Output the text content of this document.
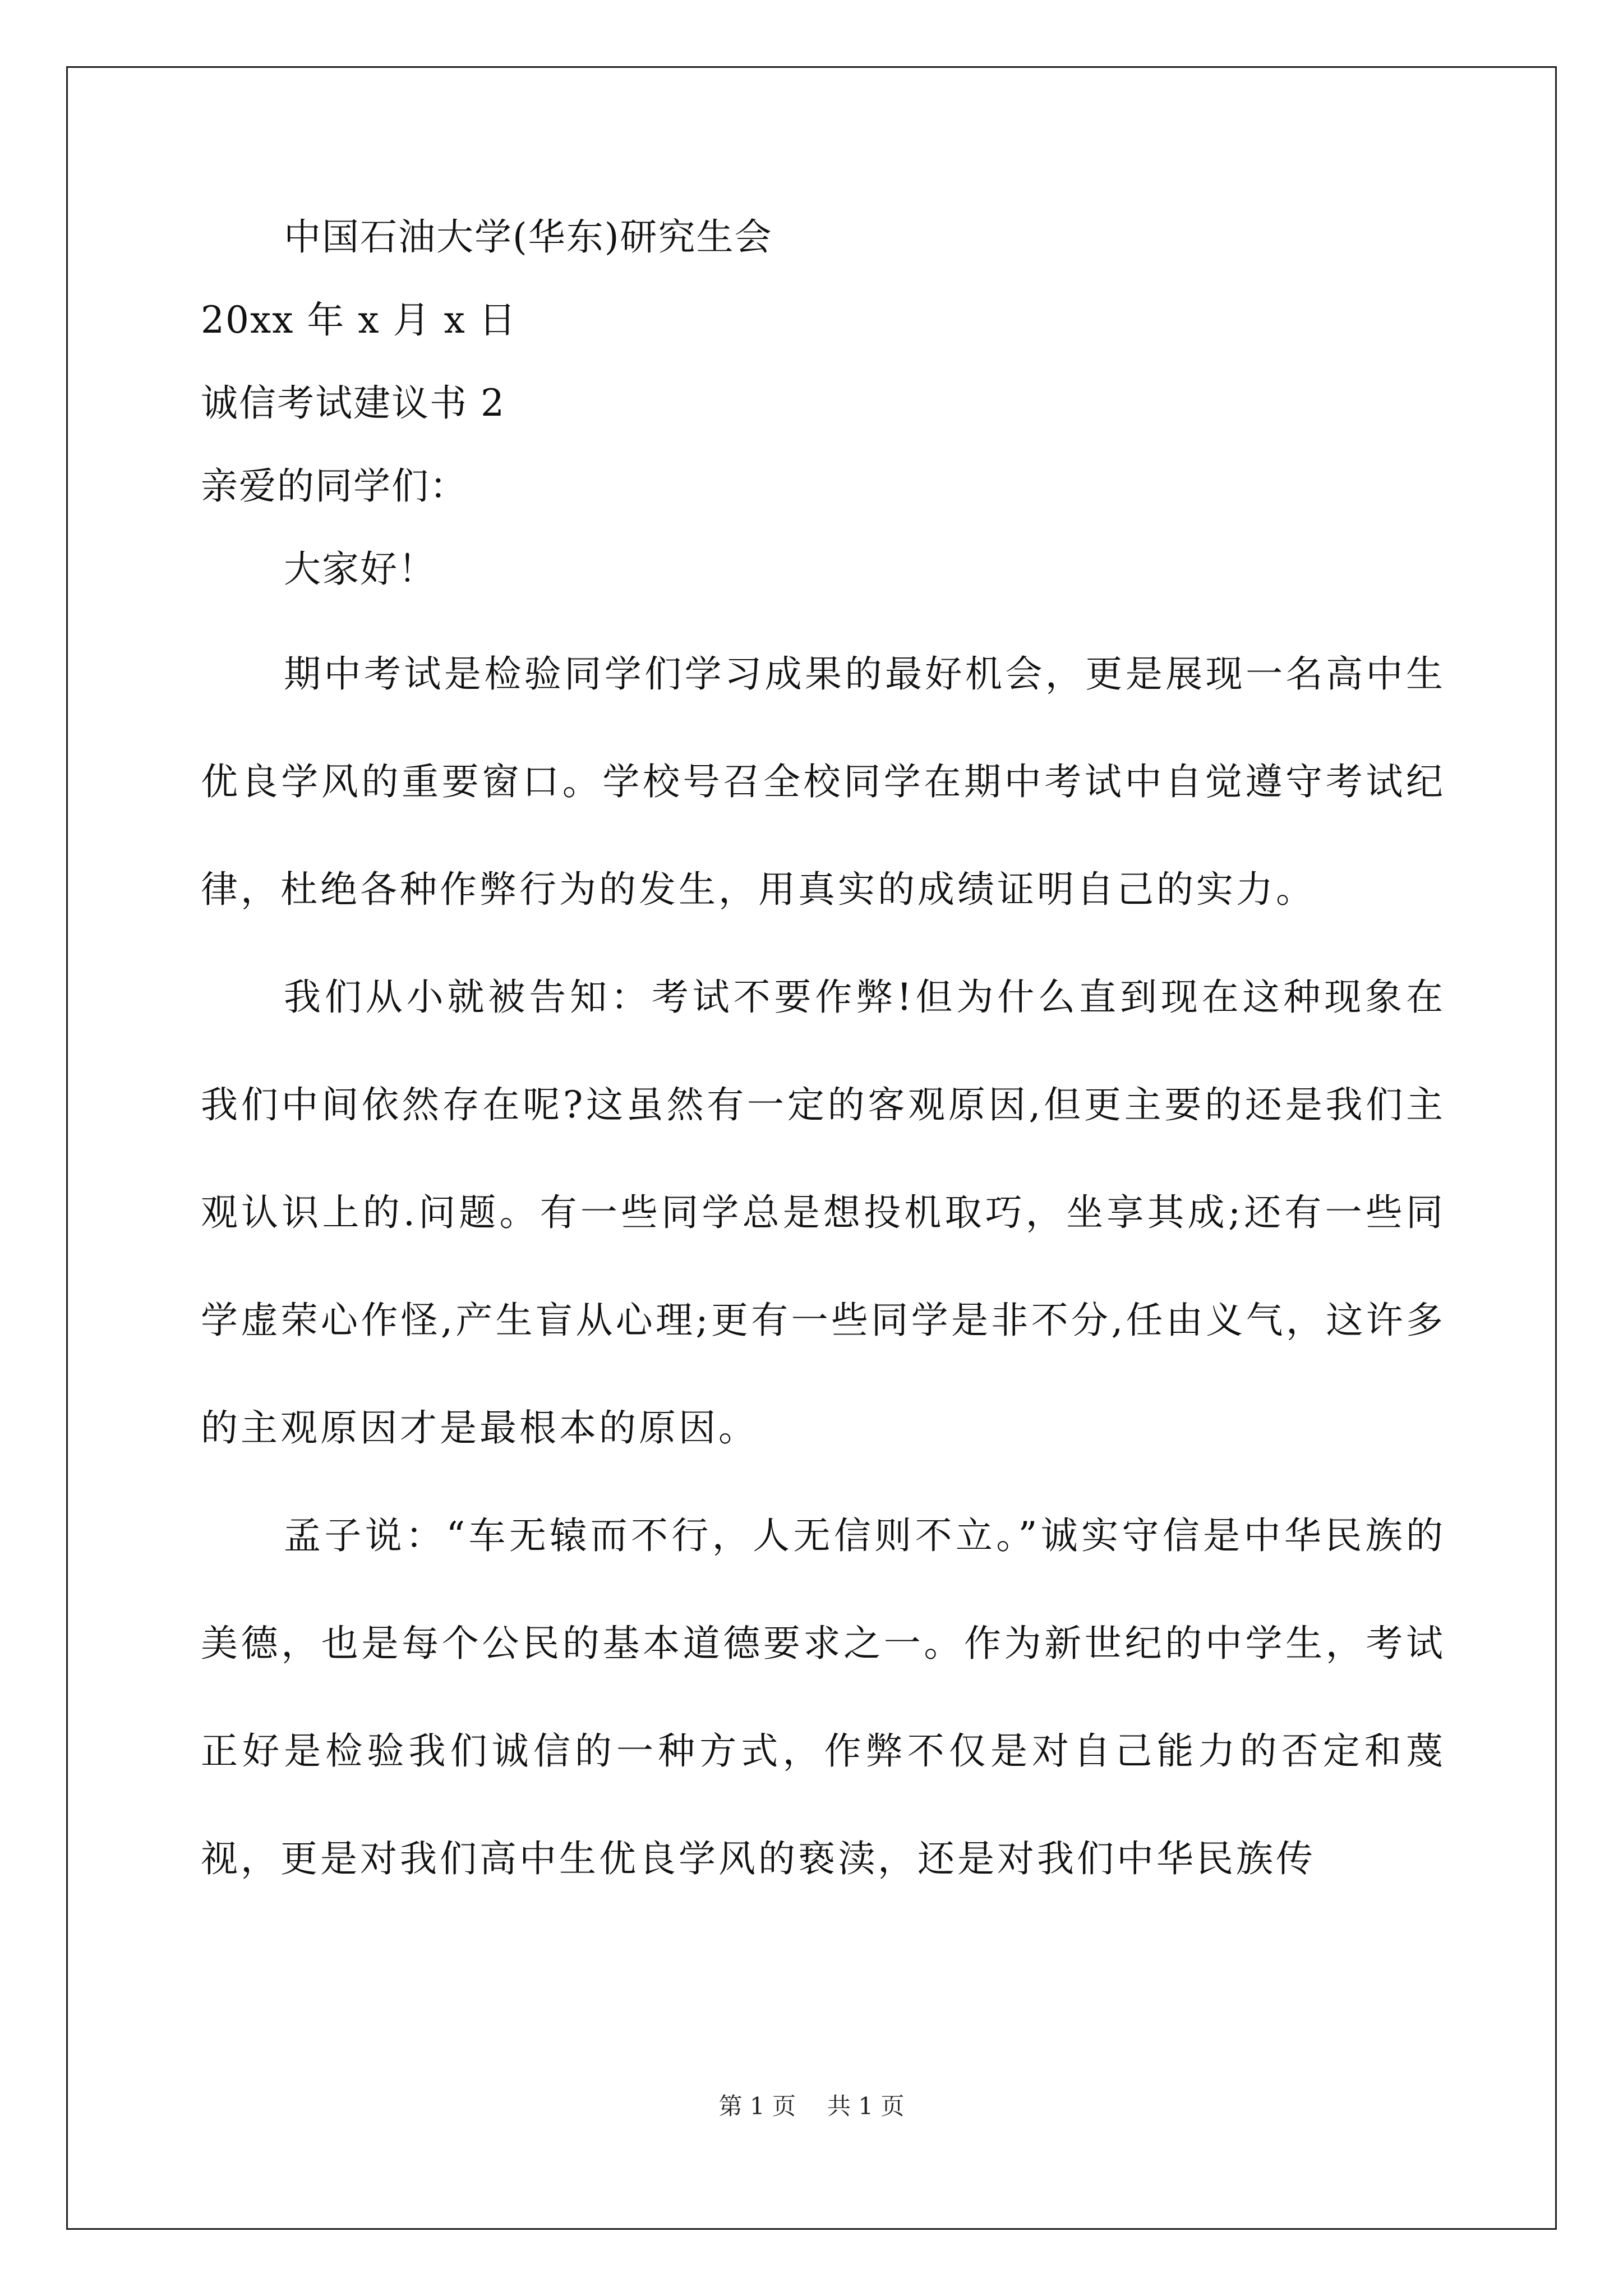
中国石油大学(华东)研究生会
20xx 年 x 月 x 日
诚信考试建议书 2
亲爱的同学们：
大家好！

期中考试是检验同学们学习成果的最好机会，更是展现一名高中生优良学风的重要窗口。学校号召全校同学在期中考试中自觉遵守考试纪律，杜绝各种作弊行为的发生，用真实的成绩证明自己的实力。

我们从小就被告知：考试不要作弊!但为什么直到现在这种现象在我们中间依然存在呢?这虽然有一定的客观原因,但更主要的还是我们主观认识上的.问题。有一些同学总是想投机取巧，坐享其成;还有一些同学虚荣心作怪,产生盲从心理;更有一些同学是非不分,任由义气，这许多的主观原因才是最根本的原因。

孟子说：“车无辕而不行，人无信则不立。”诚实守信是中华民族的美德，也是每个公民的基本道德要求之一。作为新世纪的中学生，考试正好是检验我们诚信的一种方式，作弊不仅是对自己能力的否定和蔑视，更是对我们高中生优良学风的亵渎，还是对我们中华民族传

第 1 页 共 1 页
